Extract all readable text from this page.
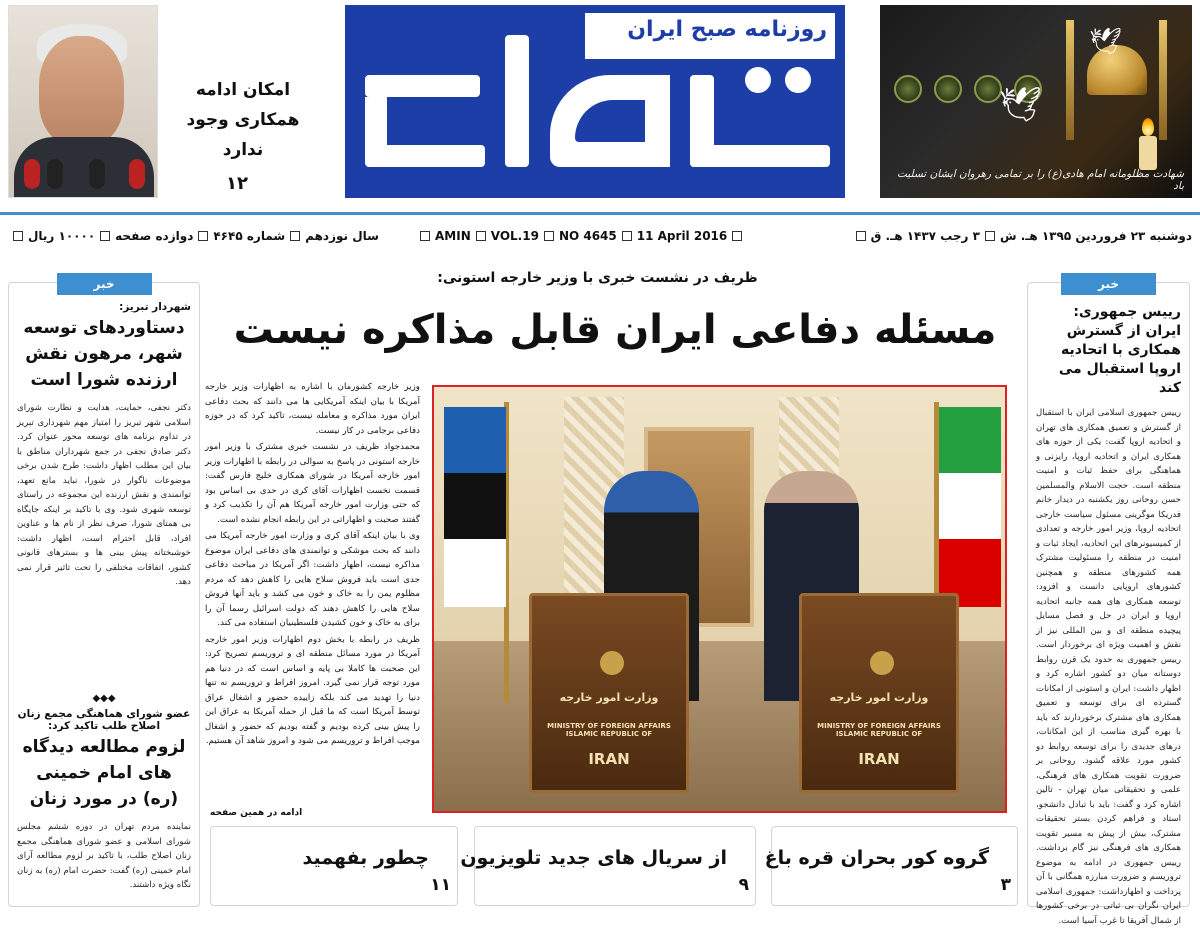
🕊
🕊
شهادت مظلومانه امام هادی(ع) را بر تمامی رهروان ایشان تسلیت باد
روزنامه صبح ایران
امکان ادامه همکاری وجود ندارد
۱۲
دوشنبه ۲۳ فروردین ۱۳۹۵ هـ. ش۳ رجب ۱۴۳۷ هـ. ق
AMIN VOL.19 NO 4645 11 April 2016
سال نوزدهمشماره ۴۶۴۵دوازده صفحه۱۰۰۰۰ ریال
خبر
رییس جمهوری: ایران از گسترش همکاری با اتحادیه اروپا استقبال می کند
رییس جمهوری اسلامی ایران با استقبال از گسترش و تعمیق همکاری های تهران و اتحادیه اروپا گفت: یکی از حوزه های همکاری ایران و اتحادیه اروپا، رایزنی و هماهنگی برای حفظ ثبات و امنیت منطقه است. حجت الاسلام والمسلمین حسن روحانی روز یکشنبه در دیدار خانم فدریکا موگرینی مسئول سیاست خارجی اتحادیه اروپا، وزیر امور خارجه و تعدادی از کمیسیونرهای این اتحادیه، ایجاد ثبات و امنیت در منطقه را مسئولیت مشترک همه کشورهای منطقه و همچنین کشورهای اروپایی دانست و افزود: توسعه همکاری های همه جانبه اتحادیه اروپا و ایران در حل و فصل مسایل پیچیده منطقه ای و بین المللی نیز از نقش و اهمیت ویژه ای برخوردار است. رییس جمهوری به حدود یک قرن روابط دوستانه میان دو کشور اشاره کرد و اظهار داشت: ایران و استونی از امکانات گسترده ای برای توسعه و تعمیق همکاری های مشترک برخوردارند که باید با بهره گیری مناسب از این امکانات، درهای جدیدی را برای توسعه روابط دو کشور مورد علاقه گشود. روحانی بر ضرورت تقویت همکاری های فرهنگی، علمی و تحقیقاتی میان تهران - تالین اشاره کرد و گفت: باید با تبادل دانشجو، استاد و فراهم کردن بستر تحقیقات مشترک، بیش از پیش به مسیر تقویت همکاری های فرهنگی نیز گام برداشت. رییس جمهوری در ادامه به موضوع تروریسم و ضرورت مبارزه همگانی با آن پرداخت و اظهارداشت: جمهوری اسلامی ایران نگران بی ثباتی در برخی کشورها از شمال آفریقا تا غرب آسیا است.
خبر
شهردار تبریز:
دستاوردهای توسعه شهر، مرهون نقش ارزنده شورا است
دکتر نجفی، حمایت، هدایت و نظارت شورای اسلامی شهر تبریز را امتیاز مهم شهرداری تبریز در تداوم برنامه های توسعه محور عنوان کرد. دکتر صادق نجفی در جمع شهرداران مناطق با بیان این مطلب اظهار داشت: طرح شدن برخی موضوعات ناگوار در شورا، نباید مانع تعهد، توانمندی و نقش ارزنده این مجموعه در راستای توسعه شهری شود. وی با تاکید بر اینکه جایگاه بی همتای شورا، صرف نظر از نام ها و عناوین افراد، قابل احترام است، اظهار داشت: خوشبختانه پیش بینی ها و بسترهای قانونی کشور، اتفاقات مختلفی را تحت تاثیر قرار نمی دهد.
◆◆◆
عضو شورای هماهنگی مجمع زنان اصلاح طلب تاکید کرد:
لزوم مطالعه دیدگاه های امام خمینی (ره) در مورد زنان
نماینده مردم تهران در دوره ششم مجلس شورای اسلامی و عضو شورای هماهنگی مجمع زنان اصلاح طلب، با تاکید بر لزوم مطالعه آرای امام خمینی (ره) گفت: حضرت امام (ره) به زنان نگاه ویژه داشتند.
ظریف در نشست خبری با وزیر خارجه استونی:
مسئله دفاعی ایران قابل مذاکره نیست

وزیر خارجه کشورمان با اشاره به اظهارات وزیر خارجه آمریکا با بیان اینکه آمریکایی ها می دانند که بحث دفاعی ایران مورد مذاکره و معامله نیست، تاکید کرد که در حوزه دفاعی برجامی در کار نیست.

محمدجواد ظریف در نشست خبری مشترک با وزیر امور خارجه استونی در پاسخ به سوالی در رابطه با اظهارات وزیر امور خارجه آمریکا در شورای همکاری خلیج فارس گفت: قسمت نخست اظهارات آقای کری در حدی بی اساس بود که حتی وزارت امور خارجه آمریکا هم آن را تکذیب کرد و گفتند صحبت و اظهاراتی در این رابطه انجام نشده است.

وی با بیان اینکه آقای کری و وزارت امور خارجه آمریکا می دانند که بحث موشکی و توانمندی های دفاعی ایران موضوع مذاکره نیست، اظهار داشت: اگر آمریکا در مباحث دفاعی جدی است باید فروش سلاح هایی را کاهش دهد که مردم مظلوم یمن را به خاک و خون می کشد و باید آنها فروش سلاح هایی را کاهش دهند که دولت اسرائیل رسما آن را برای به خاک و خون کشیدن فلسطینیان استفاده می کند.

ظریف در رابطه با بخش دوم اظهارات وزیر امور خارجه آمریکا در مورد مسائل منطقه ای و تروریسم تصریح کرد: این صحبت ها کاملا بی پایه و اساس است که در دنیا هم مورد توجه قرار نمی گیرد. امروز افراط و تروریسم نه تنها دنیا را تهدید می کند بلکه زاییده حضور و اشغال عراق توسط آمریکا است که ما قبل از حمله آمریکا به عراق این را پیش بینی کرده بودیم و گفته بودیم که حضور و اشغال موجب افراط و تروریسم می شود و امروز شاهد آن هستیم.

ادامه در همین صفحه
وزارت امور خارجه
MINISTRY OF FOREIGN AFFAIRS ISLAMIC REPUBLIC OF
IRAN
وزارت امور خارجه
MINISTRY OF FOREIGN AFFAIRS ISLAMIC REPUBLIC OF
IRAN
گروه کور بحران قره باغ
۳
از سریال های جدید تلویزیون
۹
چطور بفهمید
۱۱
